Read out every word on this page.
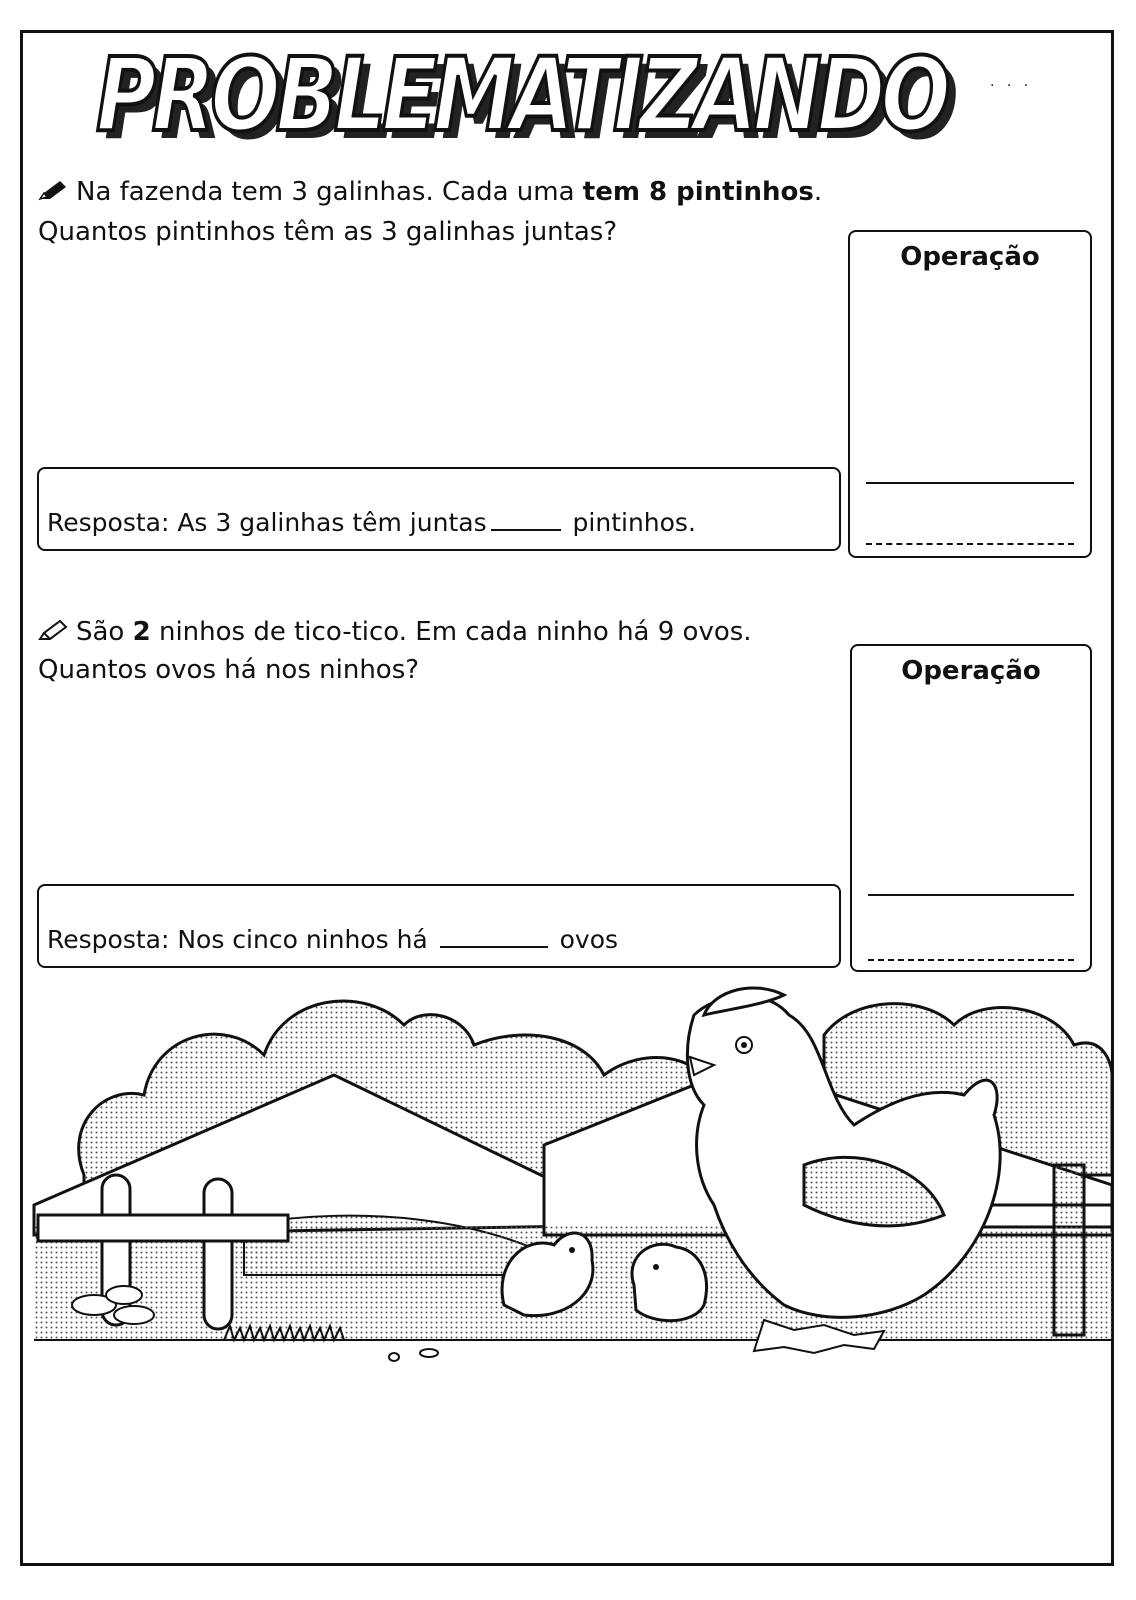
PROBLEMATIZANDO
PROBLEMATIZANDO	· · ·
Na fazenda tem 3 galinhas. Cada uma tem 8 pintinhos.
Quantos pintinhos têm as 3 galinhas juntas?
Resposta: As 3 galinhas têm juntas	pintinhos.
Operação
São 2 ninhos de tico-tico. Em cada ninho há 9 ovos.
Quantos ovos há nos ninhos?
Resposta: Nos cinco ninhos há	ovos
Operação
